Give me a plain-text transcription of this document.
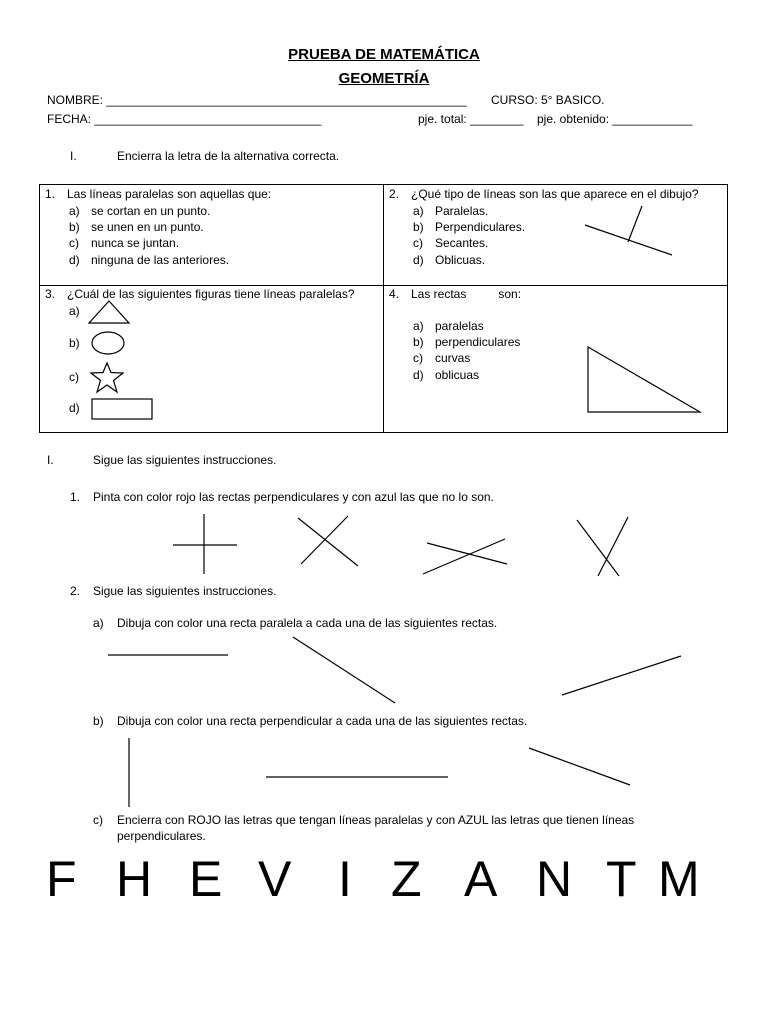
PRUEBA DE MATEMÁTICA
GEOMETRÍA
NOMBRE: ______________________________________________________ CURSO: 5° BASICO.
FECHA: __________________________________	pje. total: ________ pje. obtenido: ____________
I.	Encierra la letra de la alternativa correcta.
1. Las líneas paralelas son aquellas que:
a) se cortan en un punto.
b) se unen en un punto.
c) nunca se juntan.
d) ninguna de las anteriores.
2. ¿Qué tipo de líneas son las que aparece en el dibujo?
a) Paralelas.
b) Perpendiculares.
c) Secantes.
d) Oblicuas.
3. ¿Cuál de las siguientes figuras tiene líneas paralelas?
a)
b)
c)
d)
4. Las rectas	son:
a) paralelas
b) perpendiculares
c) curvas
d) oblicuas
I.	Sigue las siguientes instrucciones.
1. Pinta con color rojo las rectas perpendiculares y con azul las que no lo son.
2. Sigue las siguientes instrucciones.
a) Dibuja con color una recta paralela a cada una de las siguientes rectas.
b) Dibuja con color una recta perpendicular a cada una de las siguientes rectas.
c) Encierra con ROJO las letras que tengan líneas paralelas y con AZUL las letras que tienen líneas
perpendiculares.
F H E V I Z A N T M
